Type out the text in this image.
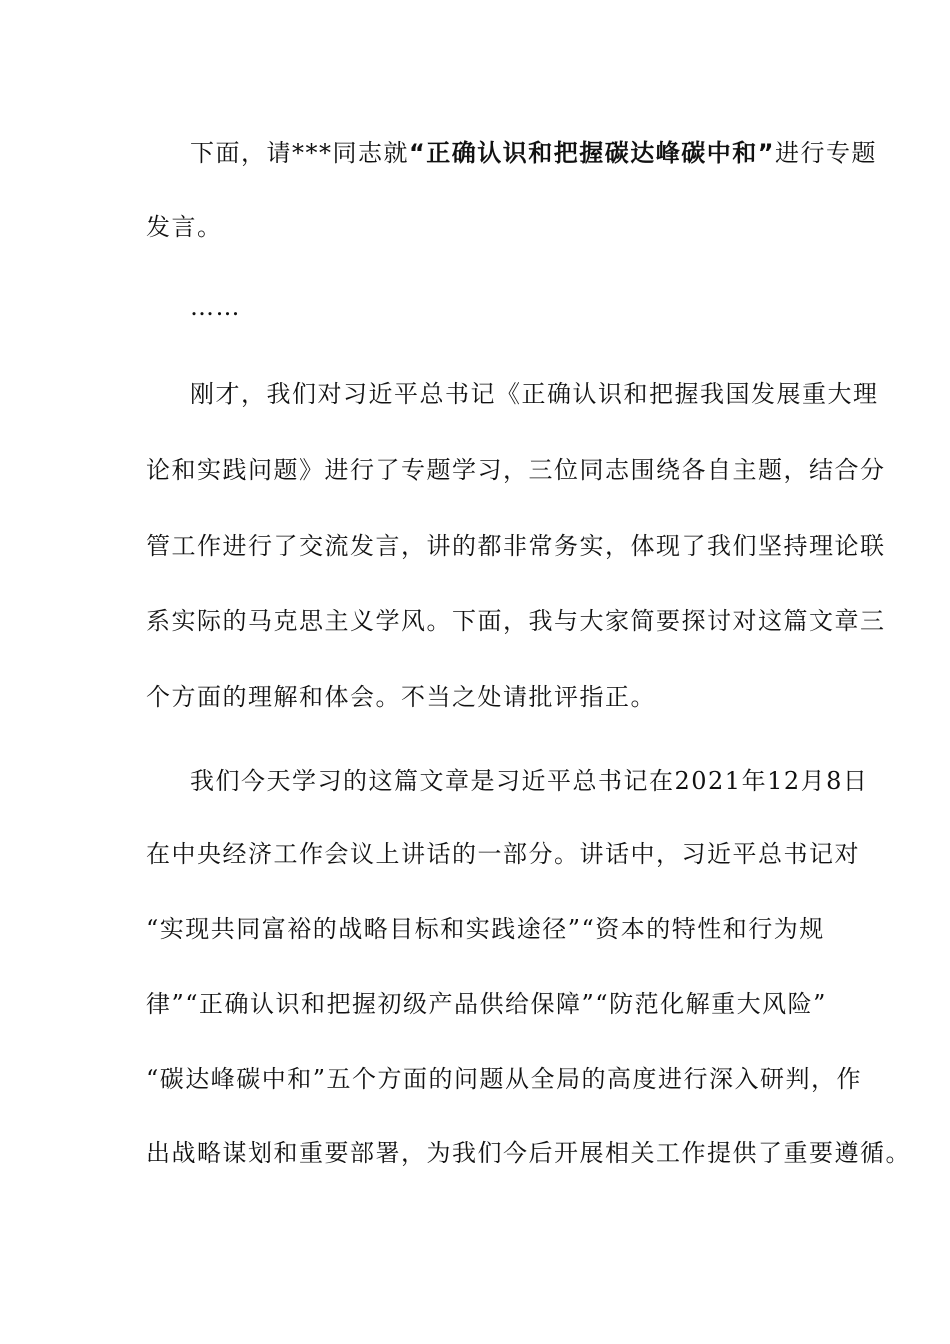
下面，请***同志就“正确认识和把握碳达峰碳中和”进行专题
发言。
……
刚才，我们对习近平总书记《正确认识和把握我国发展重大理
论和实践问题》进行了专题学习，三位同志围绕各自主题，结合分
管工作进行了交流发言，讲的都非常务实，体现了我们坚持理论联
系实际的马克思主义学风。下面，我与大家简要探讨对这篇文章三
个方面的理解和体会。不当之处请批评指正。
我们今天学习的这篇文章是习近平总书记在2021年12月8日
在中央经济工作会议上讲话的一部分。讲话中，习近平总书记对
“实现共同富裕的战略目标和实践途径”“资本的特性和行为规
律”“正确认识和把握初级产品供给保障”“防范化解重大风险”
“碳达峰碳中和”五个方面的问题从全局的高度进行深入研判，作
出战略谋划和重要部署，为我们今后开展相关工作提供了重要遵循。
